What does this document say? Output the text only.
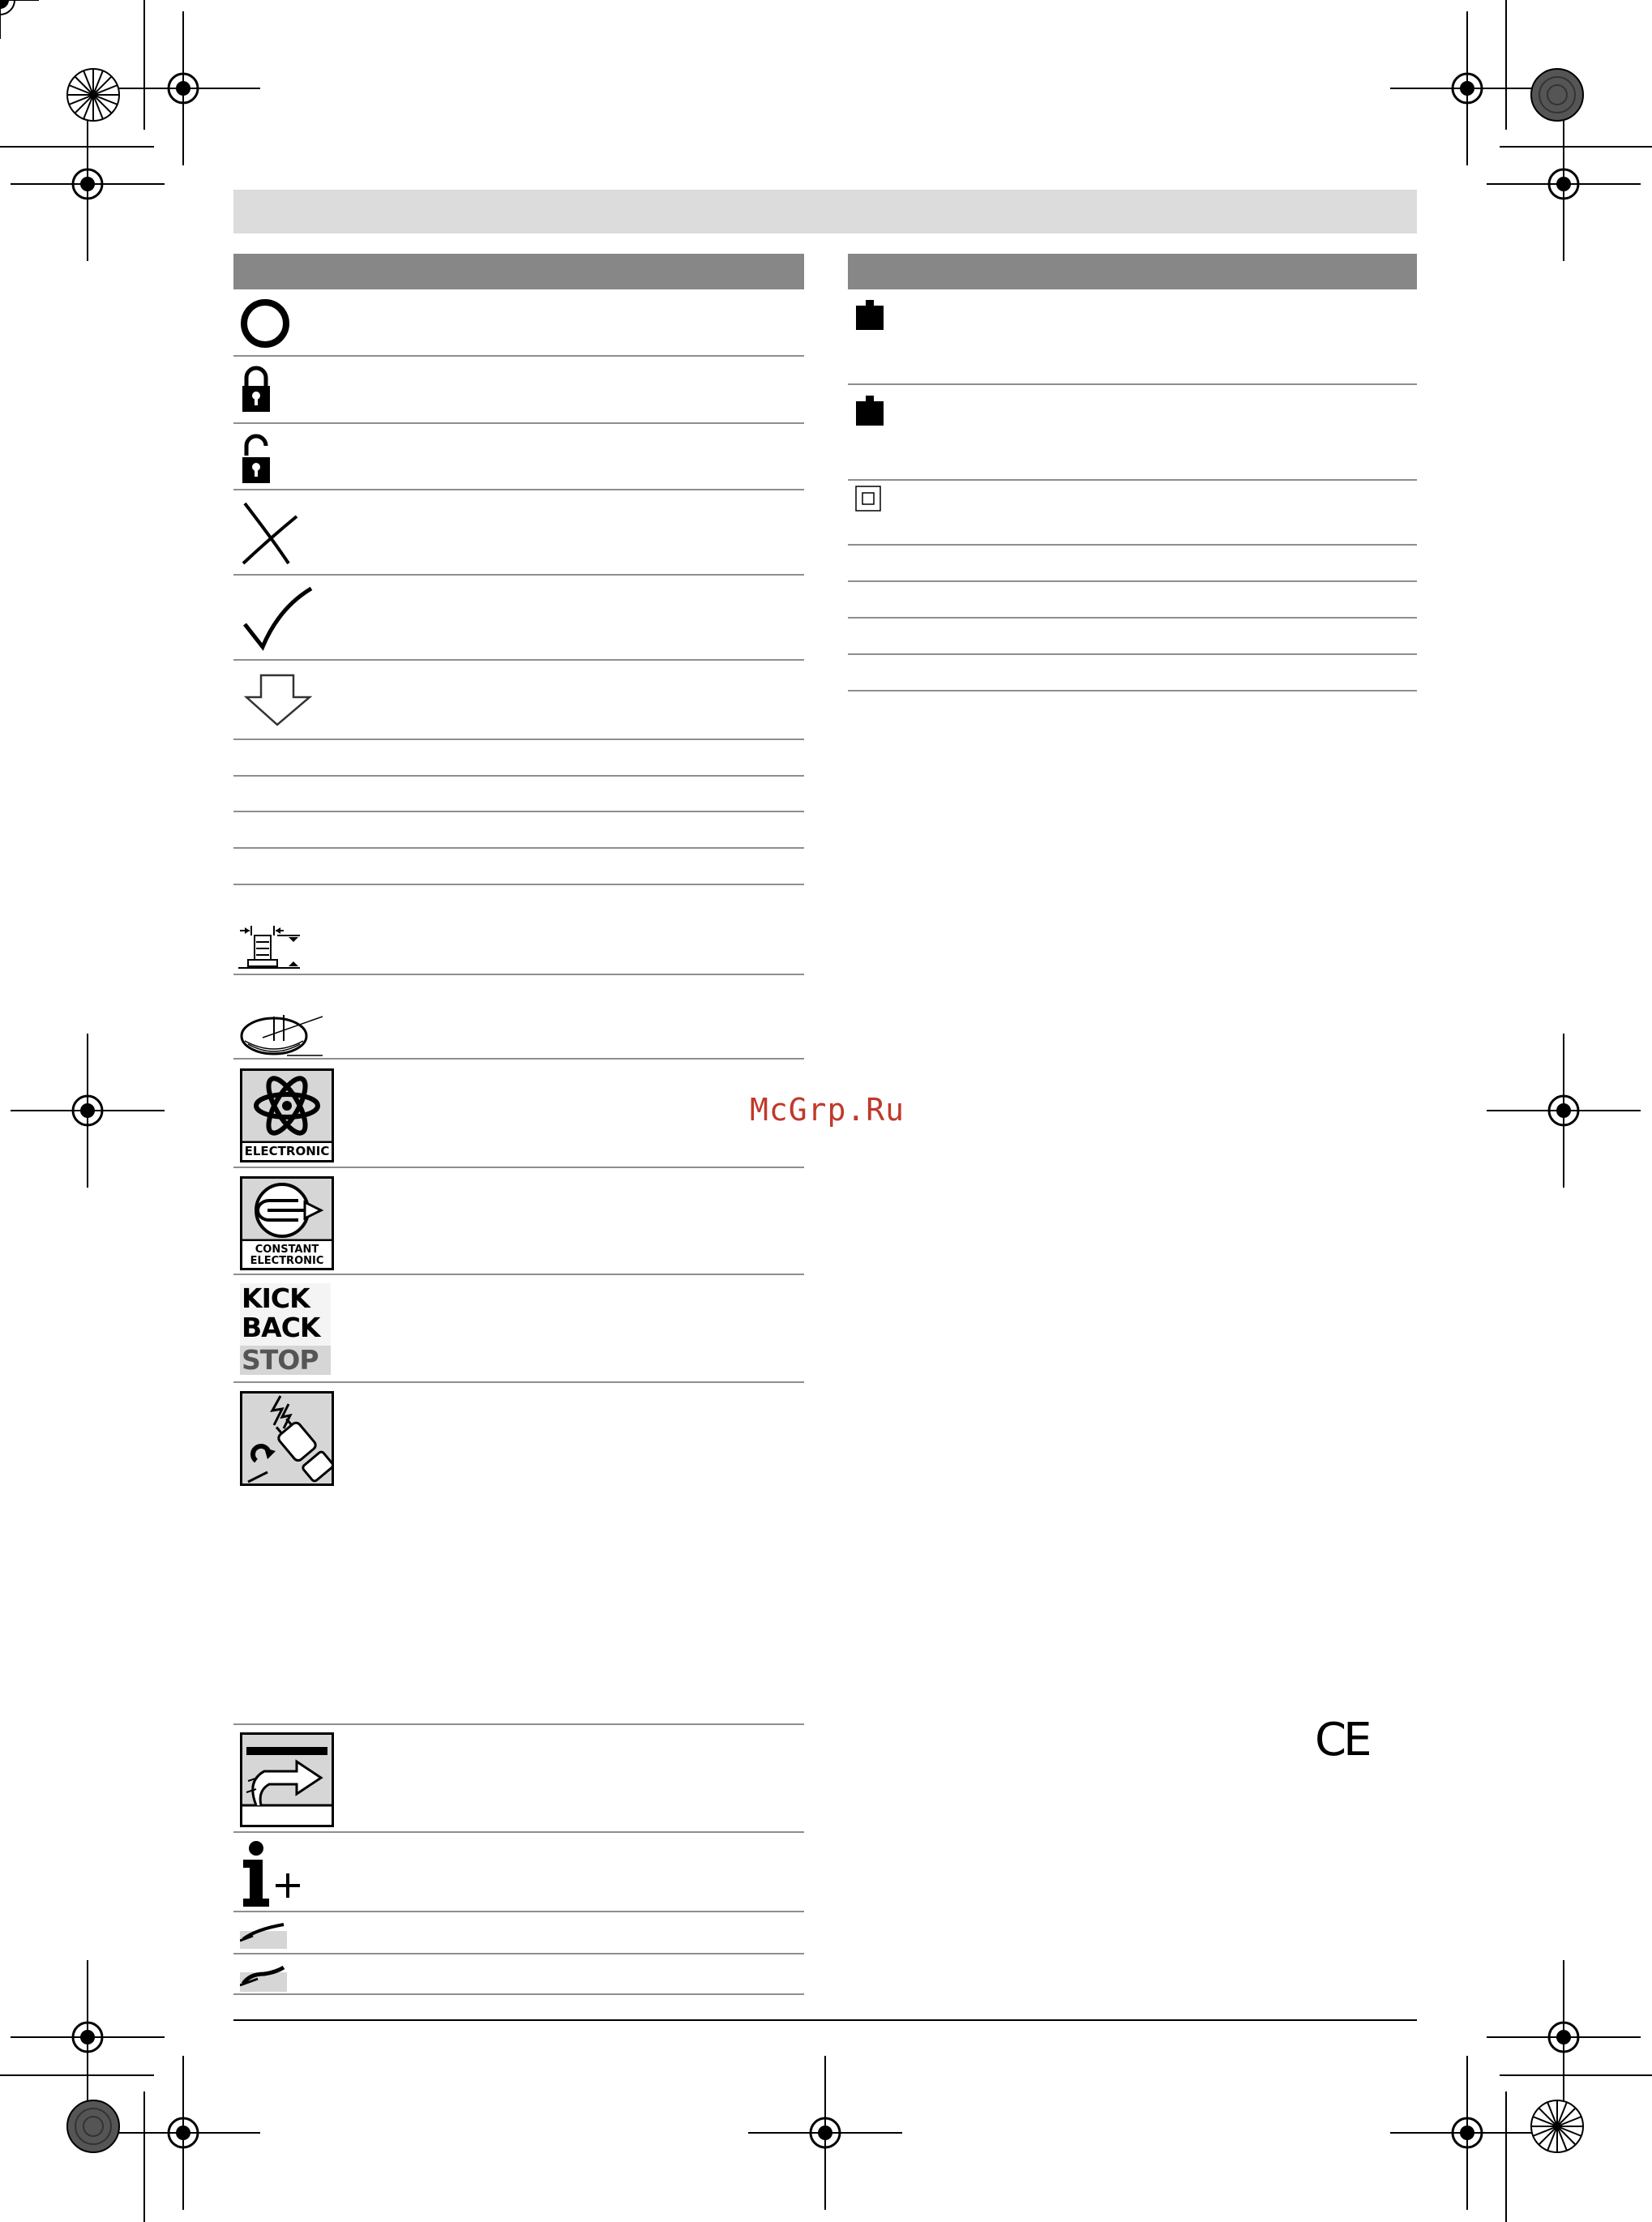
ELECTRONIC
CONSTANT
ELECTRONIC
KICK
BACK
STOP
CE
McGrp.Ru
